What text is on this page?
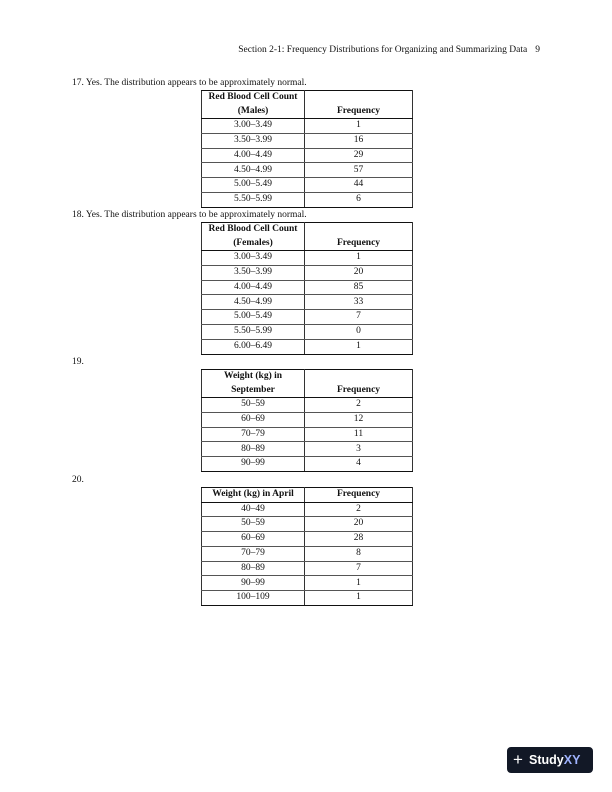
Section 2-1: Frequency Distributions for Organizing and Summarizing Data 9
17. Yes. The distribution appears to be approximately normal.
Red Blood Cell Count
(Males)	Frequency
3.00–3.49	1
3.50–3.99	16
4.00–4.49	29
4.50–4.99	57
5.00–5.49	44
5.50–5.99	6
18. Yes. The distribution appears to be approximately normal.
Red Blood Cell Count
(Females)	Frequency
3.00–3.49	1
3.50–3.99	20
4.00–4.49	85
4.50–4.99	33
5.00–5.49	7
5.50–5.99	0
6.00–6.49	1
19.
Weight (kg) in
September	Frequency
50–59	2
60–69	12
70–79	11
80–89	3
90–99	4
20.
Weight (kg) in April	Frequency
40–49	2
50–59	20
60–69	28
70–79	8
80–89	7
90–99	1
100–109	1
+ StudyXY
